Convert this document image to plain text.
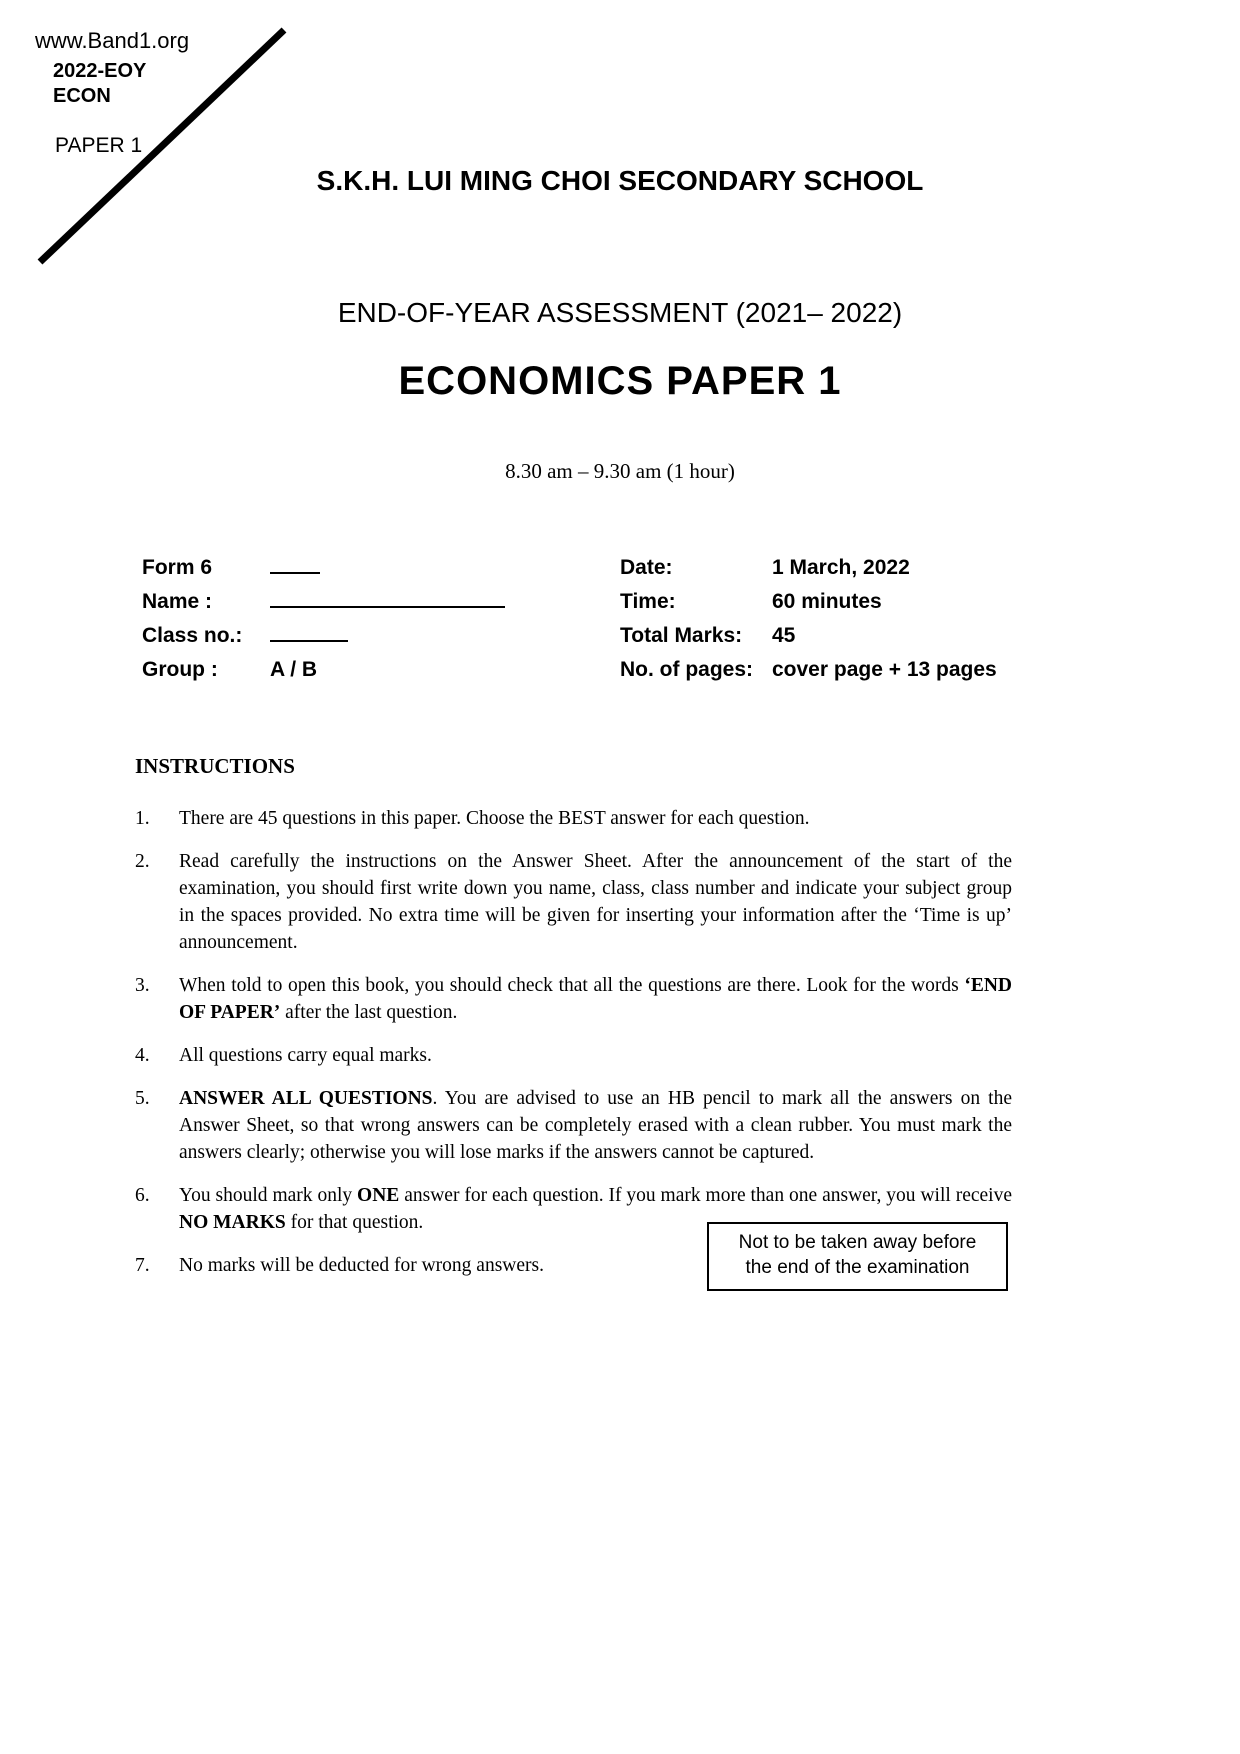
www.Band1.org
2022-EOY
ECON
PAPER 1
S.K.H. LUI MING CHOI SECONDARY SCHOOL
END-OF-YEAR ASSESSMENT (2021– 2022)
ECONOMICS PAPER 1
8.30 am – 9.30 am (1 hour)
Form 6
Name :
Class no.:
Group :	A / B
Date:	1 March, 2022
Time:	60 minutes
Total Marks:	45
No. of pages: cover page + 13 pages
INSTRUCTIONS
1.	There are 45 questions in this paper. Choose the BEST answer for each question.
2.	Read carefully the instructions on the Answer Sheet. After the announcement of the start of the examination, you should first write down you name, class, class number and indicate your subject group in the spaces provided. No extra time will be given for inserting your information after the ‘Time is up’ announcement.
3.	When told to open this book, you should check that all the questions are there. Look for the words ‘END OF PAPER’ after the last question.
4.	All questions carry equal marks.
5.	ANSWER ALL QUESTIONS. You are advised to use an HB pencil to mark all the answers on the Answer Sheet, so that wrong answers can be completely erased with a clean rubber. You must mark the answers clearly; otherwise you will lose marks if the answers cannot be captured.
6.	You should mark only ONE answer for each question. If you mark more than one answer, you will receive NO MARKS for that question.
7.	No marks will be deducted for wrong answers.
Not to be taken away before
the end of the examination
